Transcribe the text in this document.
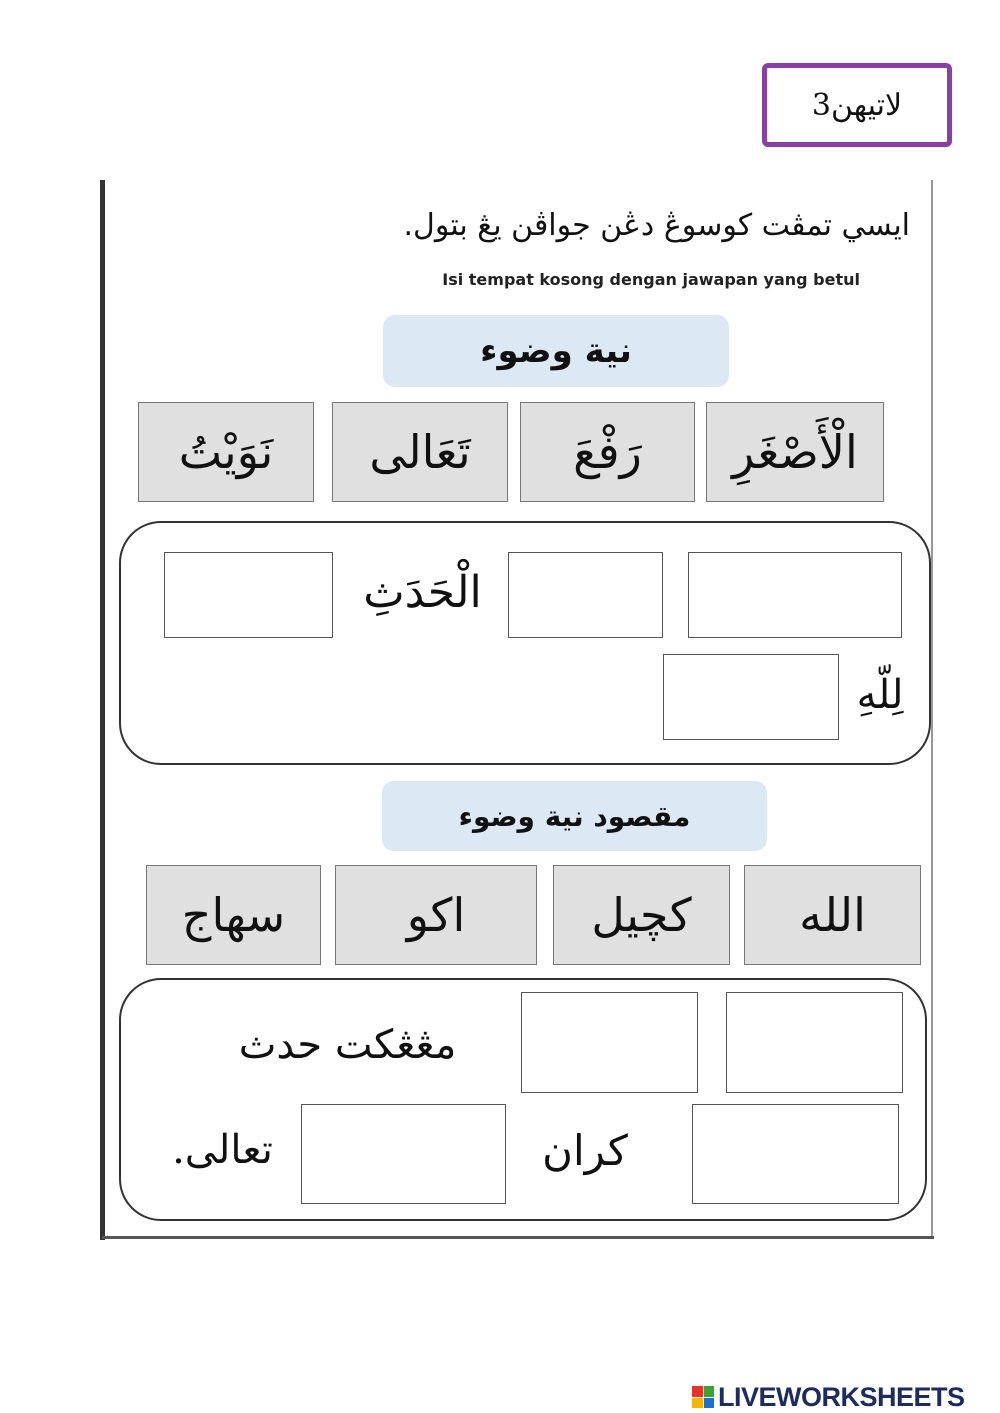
لاتيهن3
ايسي تمڤت كوسوڠ دڠن جواڤن يڠ بتول.
Isi tempat kosong dengan jawapan yang betul
نية وضوء
الْأَصْغَرِ
رَفْعَ
تَعَالى
نَوَيْتُ
الْحَدَثِ
لِلّهِ
مقصود نية وضوء
الله
كچيل
اكو
سهاج
مڠڠكت حدث
كران
تعالى.
LIVEWORKSHEETS
